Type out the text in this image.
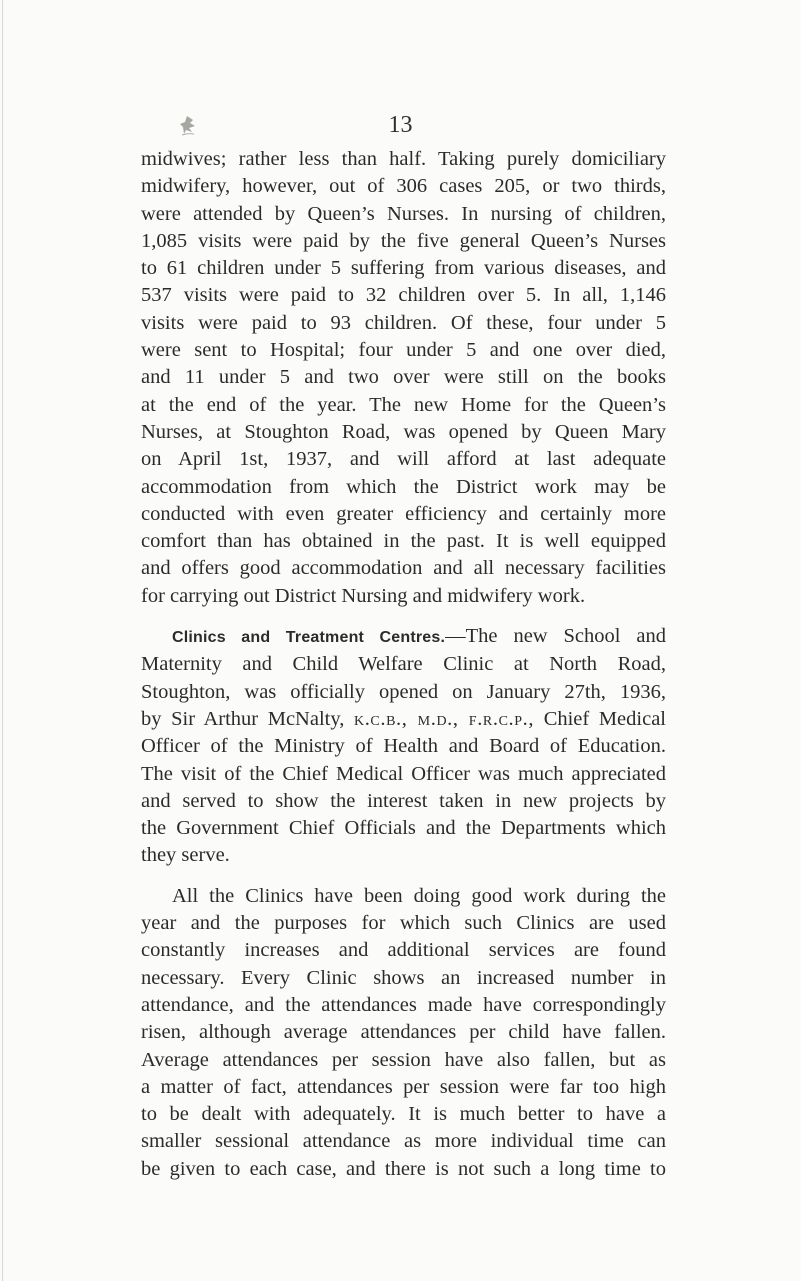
13
midwives; rather less than half. Taking purely domiciliary
midwifery, however, out of 306 cases 205, or two thirds,
were attended by Queen’s Nurses. In nursing of children,
1,085 visits were paid by the five general Queen’s Nurses
to 61 children under 5 suffering from various diseases, and
537 visits were paid to 32 children over 5. In all, 1,146
visits were paid to 93 children. Of these, four under 5
were sent to Hospital; four under 5 and one over died,
and 11 under 5 and two over were still on the books
at the end of the year. The new Home for the Queen’s
Nurses, at Stoughton Road, was opened by Queen Mary
on April 1st, 1937, and will afford at last adequate
accommodation from which the District work may be
conducted with even greater efficiency and certainly more
comfort than has obtained in the past. It is well equipped
and offers good accommodation and all necessary facilities
for carrying out District Nursing and midwifery work.
Clinics and Treatment Centres.—The new School and
Maternity and Child Welfare Clinic at North Road,
Stoughton, was officially opened on January 27th, 1936,
by Sir Arthur McNalty, k.c.b., m.d., f.r.c.p., Chief Medical
Officer of the Ministry of Health and Board of Education.
The visit of the Chief Medical Officer was much appreciated
and served to show the interest taken in new projects by
the Government Chief Officials and the Departments which
they serve.
All the Clinics have been doing good work during the
year and the purposes for which such Clinics are used
constantly increases and additional services are found
necessary. Every Clinic shows an increased number in
attendance, and the attendances made have correspondingly
risen, although average attendances per child have fallen.
Average attendances per session have also fallen, but as
a matter of fact, attendances per session were far too high
to be dealt with adequately. It is much better to have a
smaller sessional attendance as more individual time can
be given to each case, and there is not such a long time to
